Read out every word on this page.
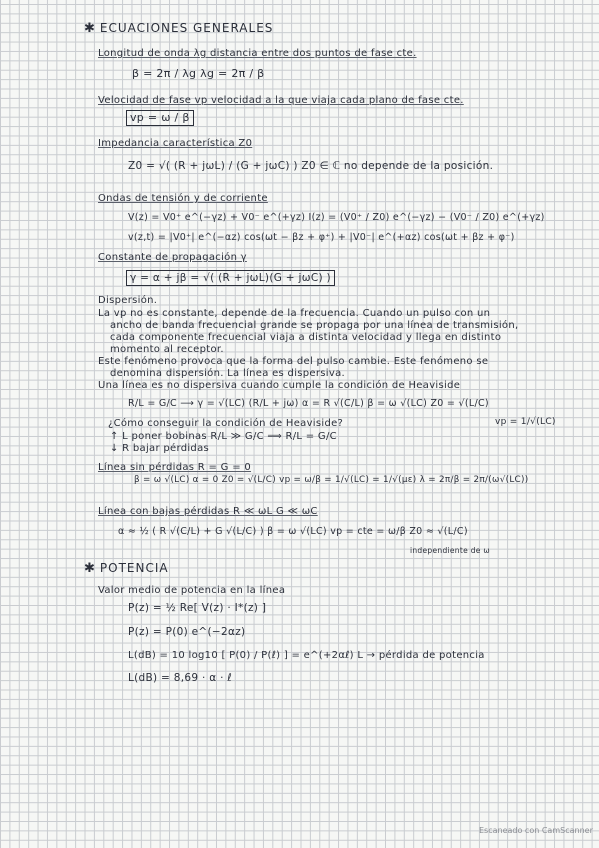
✱ ECUACIONES GENERALES
Longitud de onda λg distancia entre dos puntos de fase cte.
β = 2π / λg λg = 2π / β
Velocidad de fase vp velocidad a la que viaja cada plano de fase cte.
vp = ω / β
Impedancia característica Z0
Z0 = √( (R + jωL) / (G + jωC) ) Z0 ∈ ℂ no depende de la posición.
Ondas de tensión y de corriente
V(z) = V0⁺ e^(−γz) + V0⁻ e^(+γz) I(z) = (V0⁺ / Z0) e^(−γz) − (V0⁻ / Z0) e^(+γz)
v(z,t) = |V0⁺| e^(−αz) cos(ωt − βz + φ⁺) + |V0⁻| e^(+αz) cos(ωt + βz + φ⁻)
Constante de propagación γ
γ = α + jβ = √( (R + jωL)(G + jωC) )
Dispersión.
La vp no es constante, depende de la frecuencia. Cuando un pulso con un
ancho de banda frecuencial grande se propaga por una línea de transmisión,
cada componente frecuencial viaja a distinta velocidad y llega en distinto
momento al receptor.
Este fenómeno provoca que la forma del pulso cambie. Este fenómeno se
denomina dispersión. La línea es dispersiva.
Una línea es no dispersiva cuando cumple la condición de Heaviside
R/L = G/C ⟶ γ = √(LC) (R/L + jω) α = R √(C/L) β = ω √(LC) Z0 = √(L/C)
vp = 1/√(LC)
¿Cómo conseguir la condición de Heaviside?
↑ L poner bobinas R/L ≫ G/C ⟹ R/L = G/C
↓ R bajar pérdidas
Línea sin pérdidas R = G = 0
β = ω √(LC) α = 0 Z0 = √(L/C) vp = ω/β = 1/√(LC) = 1/√(με) λ = 2π/β = 2π/(ω√(LC))
Línea con bajas pérdidas R ≪ ωL G ≪ ωC
α ≈ ½ ( R √(C/L) + G √(L/C) ) β = ω √(LC) vp = cte = ω/β Z0 ≈ √(L/C)
independiente de ω
✱ POTENCIA
Valor medio de potencia en la línea
P(z) = ½ Re[ V(z) · I*(z) ]
P(z) = P(0) e^(−2αz)
L(dB) = 10 log10 [ P(0) / P(ℓ) ] = e^(+2αℓ) L → pérdida de potencia
L(dB) = 8,69 · α · ℓ
Escaneado con CamScanner
